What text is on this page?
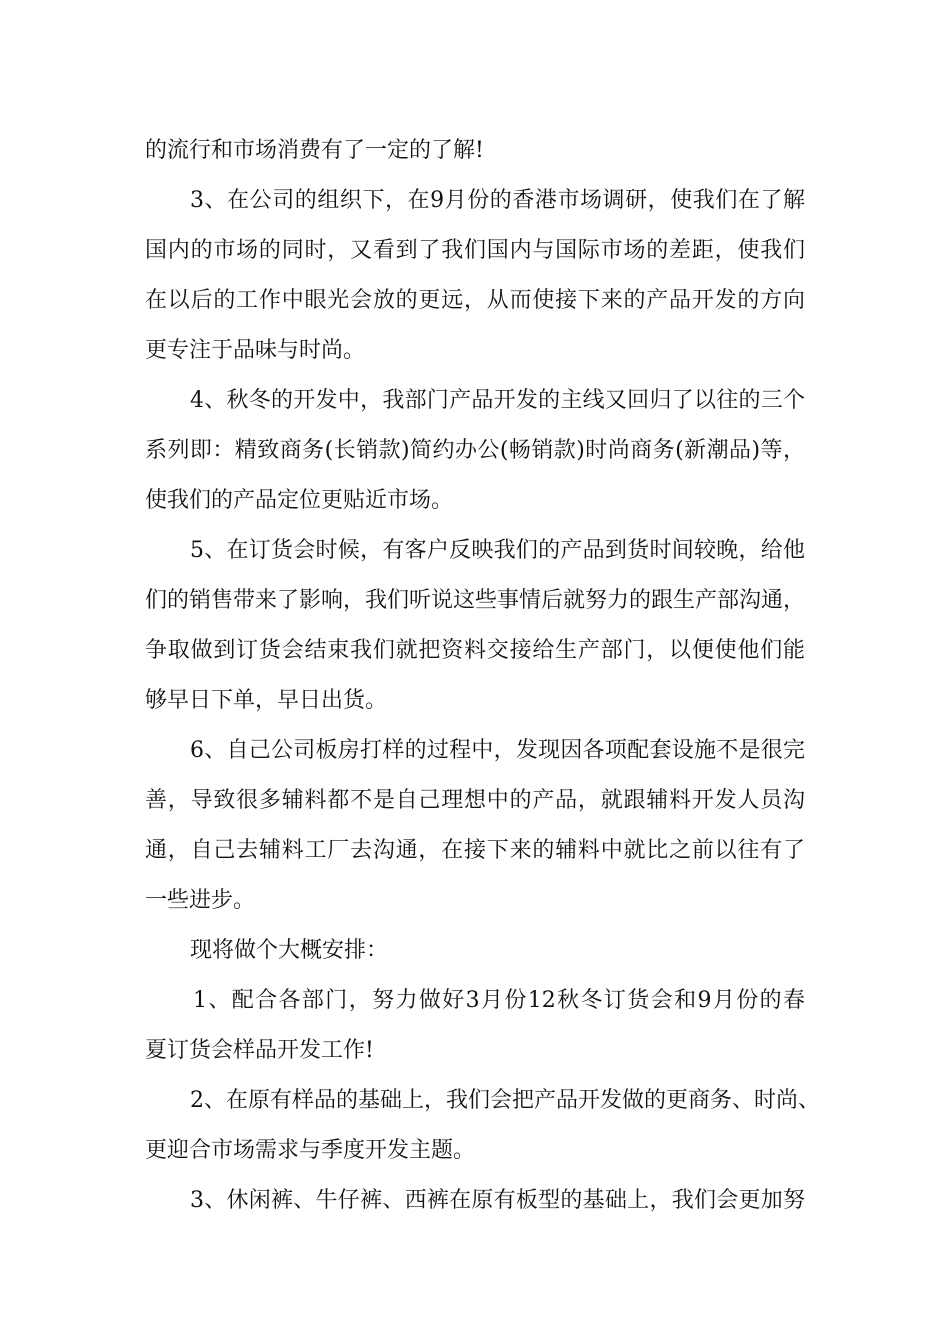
的流行和市场消费有了一定的了解!
3、在公司的组织下，在9月份的香港市场调研，使我们在了解
国内的市场的同时，又看到了我们国内与国际市场的差距，使我们
在以后的工作中眼光会放的更远，从而使接下来的产品开发的方向
更专注于品味与时尚。
4、秋冬的开发中，我部门产品开发的主线又回归了以往的三个
系列即：精致商务(长销款)简约办公(畅销款)时尚商务(新潮品)等，
使我们的产品定位更贴近市场。
5、在订货会时候，有客户反映我们的产品到货时间较晚，给他
们的销售带来了影响，我们听说这些事情后就努力的跟生产部沟通，
争取做到订货会结束我们就把资料交接给生产部门，以便使他们能
够早日下单，早日出货。
6、自己公司板房打样的过程中，发现因各项配套设施不是很完
善，导致很多辅料都不是自己理想中的产品，就跟辅料开发人员沟
通，自己去辅料工厂去沟通，在接下来的辅料中就比之前以往有了
一些进步。
现将做个大概安排：
1、配合各部门，努力做好3月份12秋冬订货会和9月份的春
夏订货会样品开发工作!
2、在原有样品的基础上，我们会把产品开发做的更商务、时尚、
更迎合市场需求与季度开发主题。
3、休闲裤、牛仔裤、西裤在原有板型的基础上，我们会更加努
